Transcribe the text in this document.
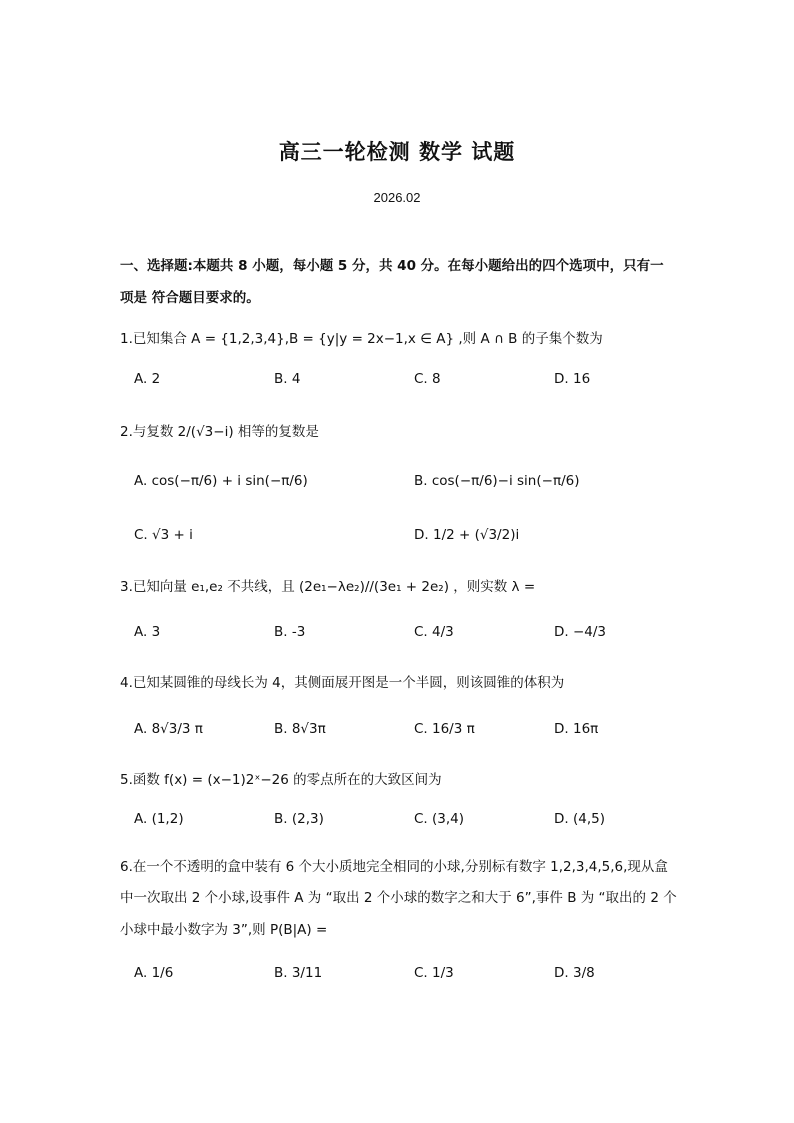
高三一轮检测 数学 试题
2026.02
一、选择题:本题共 8 小题，每小题 5 分，共 40 分。在每小题给出的四个选项中，只有一
项是 符合题目要求的。
1.已知集合 A = {1,2,3,4},B = {y|y = 2x−1,x ∈ A} ,则 A ∩ B 的子集个数为
A. 2	B. 4	C. 8	D. 16
2.与复数 2/(√3−i) 相等的复数是
A. cos(−π/6) + i sin(−π/6)	B. cos(−π/6)−i sin(−π/6)
C. √3 + i	D. 1/2 + (√3/2)i
3.已知向量 e₁,e₂ 不共线，且 (2e₁−λe₂)//(3e₁ + 2e₂) ，则实数 λ =
A. 3	B. -3	C. 4/3	D. −4/3
4.已知某圆锥的母线长为 4，其侧面展开图是一个半圆，则该圆锥的体积为
A. 8√3/3 π	B. 8√3π	C. 16/3 π	D. 16π
5.函数 f(x) = (x−1)2ˣ−26 的零点所在的大致区间为
A. (1,2)	B. (2,3)	C. (3,4)	D. (4,5)
6.在一个不透明的盒中装有 6 个大小质地完全相同的小球,分别标有数字 1,2,3,4,5,6,现从盒
中一次取出 2 个小球,设事件 A 为 “取出 2 个小球的数字之和大于 6”,事件 B 为 “取出的 2 个
小球中最小数字为 3”,则 P(B|A) =
A. 1/6	B. 3/11	C. 1/3	D. 3/8
